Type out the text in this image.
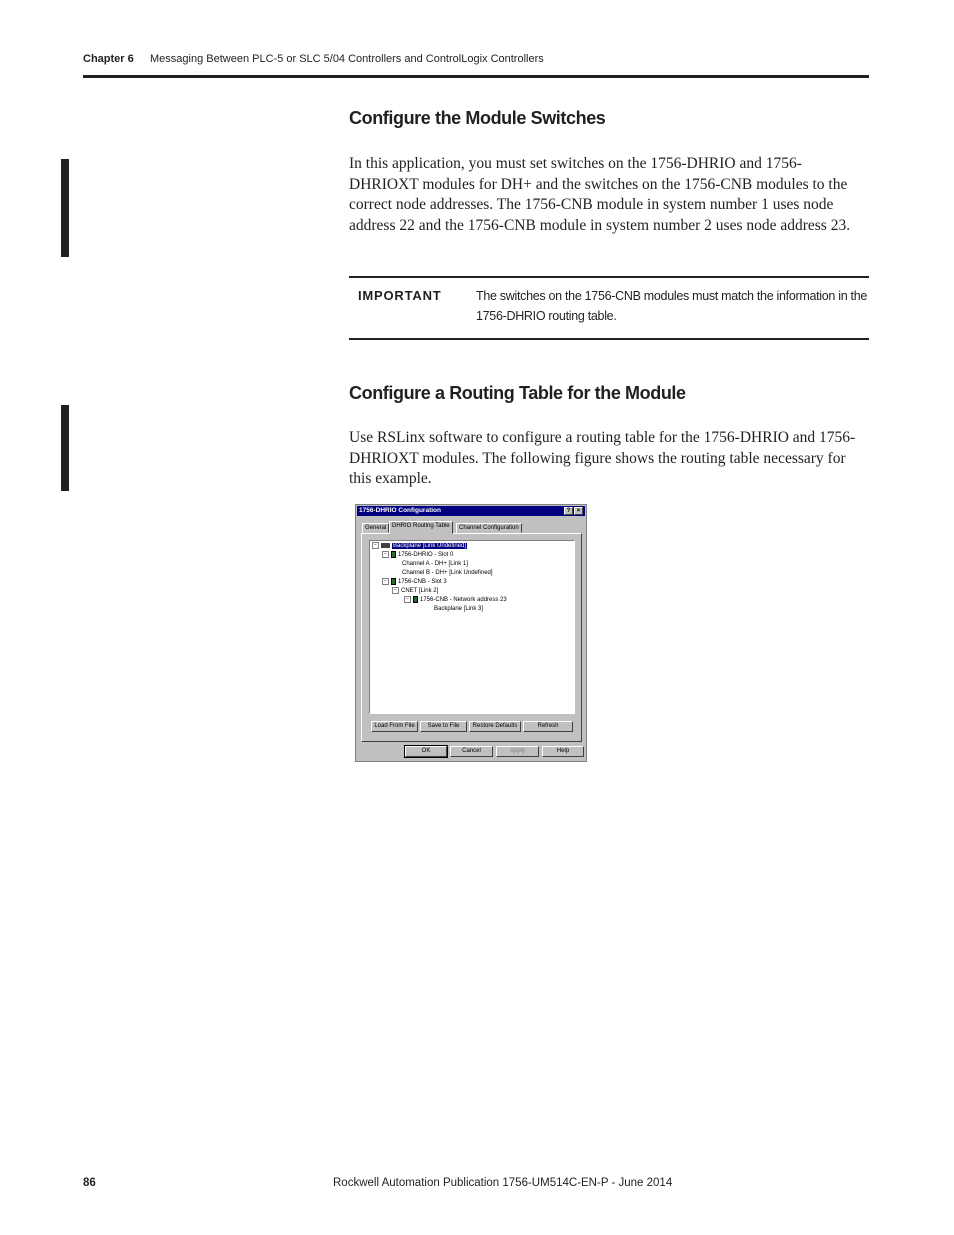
Chapter 6 Messaging Between PLC-5 or SLC 5/04 Controllers and ControlLogix Controllers
Configure the Module Switches
In this application, you must set switches on the 1756-DHRIO and 1756-DHRIOXT modules for DH+ and the switches on the 1756-CNB modules to the correct node addresses. The 1756-CNB module in system number 1 uses node address 22 and the 1756-CNB module in system number 2 uses node address 23.
IMPORTANT	The switches on the 1756-CNB modules must match the information in the 1756-DHRIO routing table.
Configure a Routing Table for the Module
Use RSLinx software to configure a routing table for the 1756-DHRIO and 1756-DHRIOXT modules. The following figure shows the routing table necessary for this example.
1756-DHRIO Configuration	?	×
General DHRIO Routing Table	Channel Configuration
−	Backplane [Link Undefined]
− 1756-DHRIO - Slot 0
Channel A - DH+ [Link 1]
Channel B - DH+ [Link Undefined]
− 1756-CNB - Slot 3
− CNET [Link 2]
− 1756-CNB - Network address 23
Backplane [Link 3]
Load From File	Save to File	Restore Defaults	Refresh
OK	Cancel	Apply	Help
86	Rockwell Automation Publication 1756-UM514C-EN-P - June 2014
